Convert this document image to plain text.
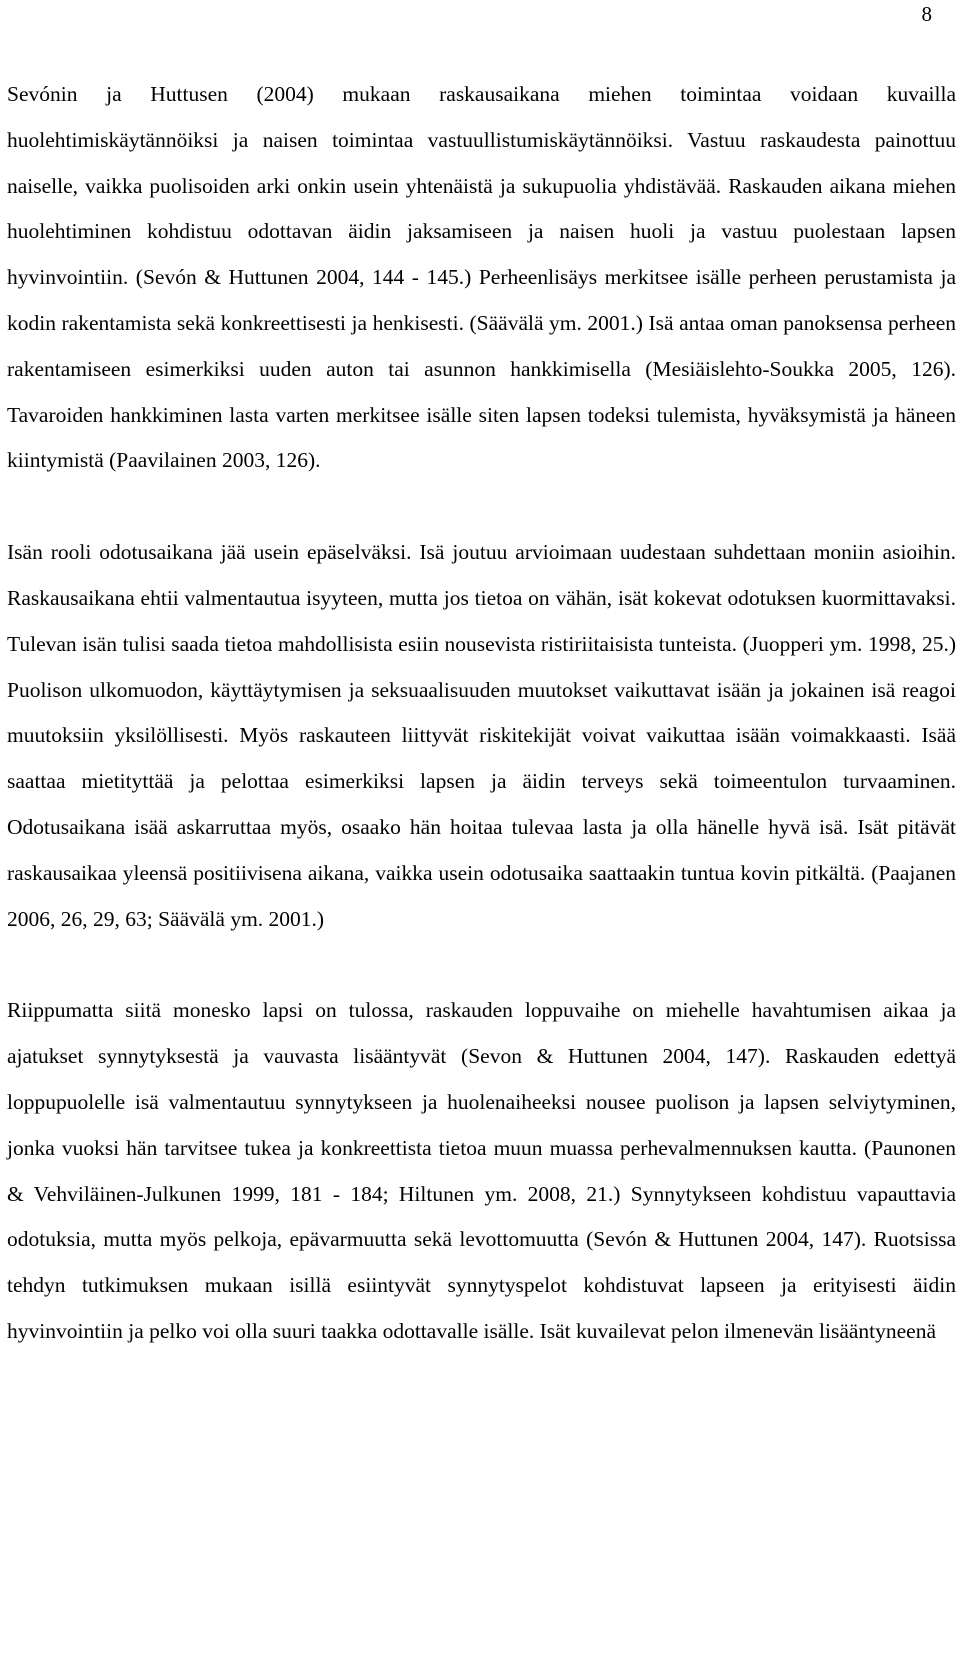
8

Sevónin ja Huttusen (2004) mukaan raskausaikana miehen toimintaa voidaan kuvailla huolehtimiskäytännöiksi ja naisen toimintaa vastuullistumiskäytännöiksi. Vastuu raskaudesta painottuu naiselle, vaikka puolisoiden arki onkin usein yhtenäistä ja sukupuolia yhdistävää. Raskauden aikana miehen huolehtiminen kohdistuu odottavan äidin jaksamiseen ja naisen huoli ja vastuu puolestaan lapsen hyvinvointiin. (Sevón & Huttunen 2004, 144 - 145.) Perheenlisäys merkitsee isälle perheen perustamista ja kodin rakentamista sekä konkreettisesti ja henkisesti. (Säävälä ym. 2001.) Isä antaa oman panoksensa perheen rakentamiseen esimerkiksi uuden auton tai asunnon hankkimisella (Mesiäislehto-Soukka 2005, 126). Tavaroiden hankkiminen lasta varten merkitsee isälle siten lapsen todeksi tulemista, hyväksymistä ja häneen kiintymistä (Paavilainen 2003, 126).

Isän rooli odotusaikana jää usein epäselväksi. Isä joutuu arvioimaan uudestaan suhdettaan moniin asioihin. Raskausaikana ehtii valmentautua isyyteen, mutta jos tietoa on vähän, isät kokevat odotuksen kuormittavaksi. Tulevan isän tulisi saada tietoa mahdollisista esiin nousevista ristiriitaisista tunteista. (Juopperi ym. 1998, 25.) Puolison ulkomuodon, käyttäytymisen ja seksuaalisuuden muutokset vaikuttavat isään ja jokainen isä reagoi muutoksiin yksilöllisesti. Myös raskauteen liittyvät riskitekijät voivat vaikuttaa isään voimakkaasti. Isää saattaa mietityttää ja pelottaa esimerkiksi lapsen ja äidin terveys sekä toimeentulon turvaaminen. Odotusaikana isää askarruttaa myös, osaako hän hoitaa tulevaa lasta ja olla hänelle hyvä isä. Isät pitävät raskausaikaa yleensä positiivisena aikana, vaikka usein odotusaika saattaakin tuntua kovin pitkältä. (Paajanen 2006, 26, 29, 63; Säävälä ym. 2001.)

Riippumatta siitä monesko lapsi on tulossa, raskauden loppuvaihe on miehelle havahtumisen aikaa ja ajatukset synnytyksestä ja vauvasta lisääntyvät (Sevon & Huttunen 2004, 147). Raskauden edettyä loppupuolelle isä valmentautuu synnytykseen ja huolenaiheeksi nousee puolison ja lapsen selviytyminen, jonka vuoksi hän tarvitsee tukea ja konkreettista tietoa muun muassa perhevalmennuksen kautta. (Paunonen & Vehviläinen-Julkunen 1999, 181 - 184; Hiltunen ym. 2008, 21.) Synnytykseen kohdistuu vapauttavia odotuksia, mutta myös pelkoja, epävarmuutta sekä levottomuutta (Sevón & Huttunen 2004, 147). Ruotsissa tehdyn tutkimuksen mukaan isillä esiintyvät synnytyspelot kohdistuvat lapseen ja erityisesti äidin hyvinvointiin ja pelko voi olla suuri taakka odottavalle isälle. Isät kuvailevat pelon ilmenevän lisääntyneenä
